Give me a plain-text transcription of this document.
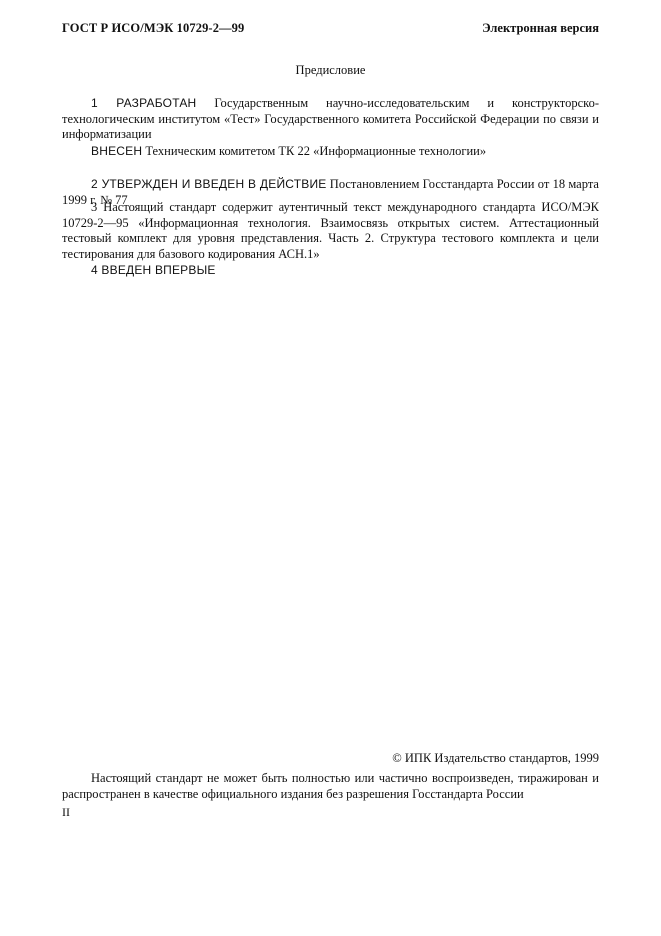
ГОСТ Р ИСО/МЭК 10729-2—99	Электронная версия
Предисловие
1 РАЗРАБОТАН Государственным научно-исследовательским и конструкторско-технологическим институтом «Тест» Государственного комитета Российской Федерации по связи и информатизации
ВНЕСЕН Техническим комитетом ТК 22 «Информационные технологии»
2 УТВЕРЖДЕН И ВВЕДЕН В ДЕЙСТВИЕ Постановлением Госстандарта России от 18 марта 1999 г. № 77
3 Настоящий стандарт содержит аутентичный текст международного стандарта ИСО/МЭК 10729-2—95 «Информационная технология. Взаимосвязь открытых систем. Аттестационный тестовый комплект для уровня представления. Часть 2. Структура тестового комплекта и цели тестирования для базового кодирования АСН.1»
4 ВВЕДЕН ВПЕРВЫЕ
© ИПК Издательство стандартов, 1999
Настоящий стандарт не может быть полностью или частично воспроизведен, тиражирован и распространен в качестве официального издания без разрешения Госстандарта России
II
